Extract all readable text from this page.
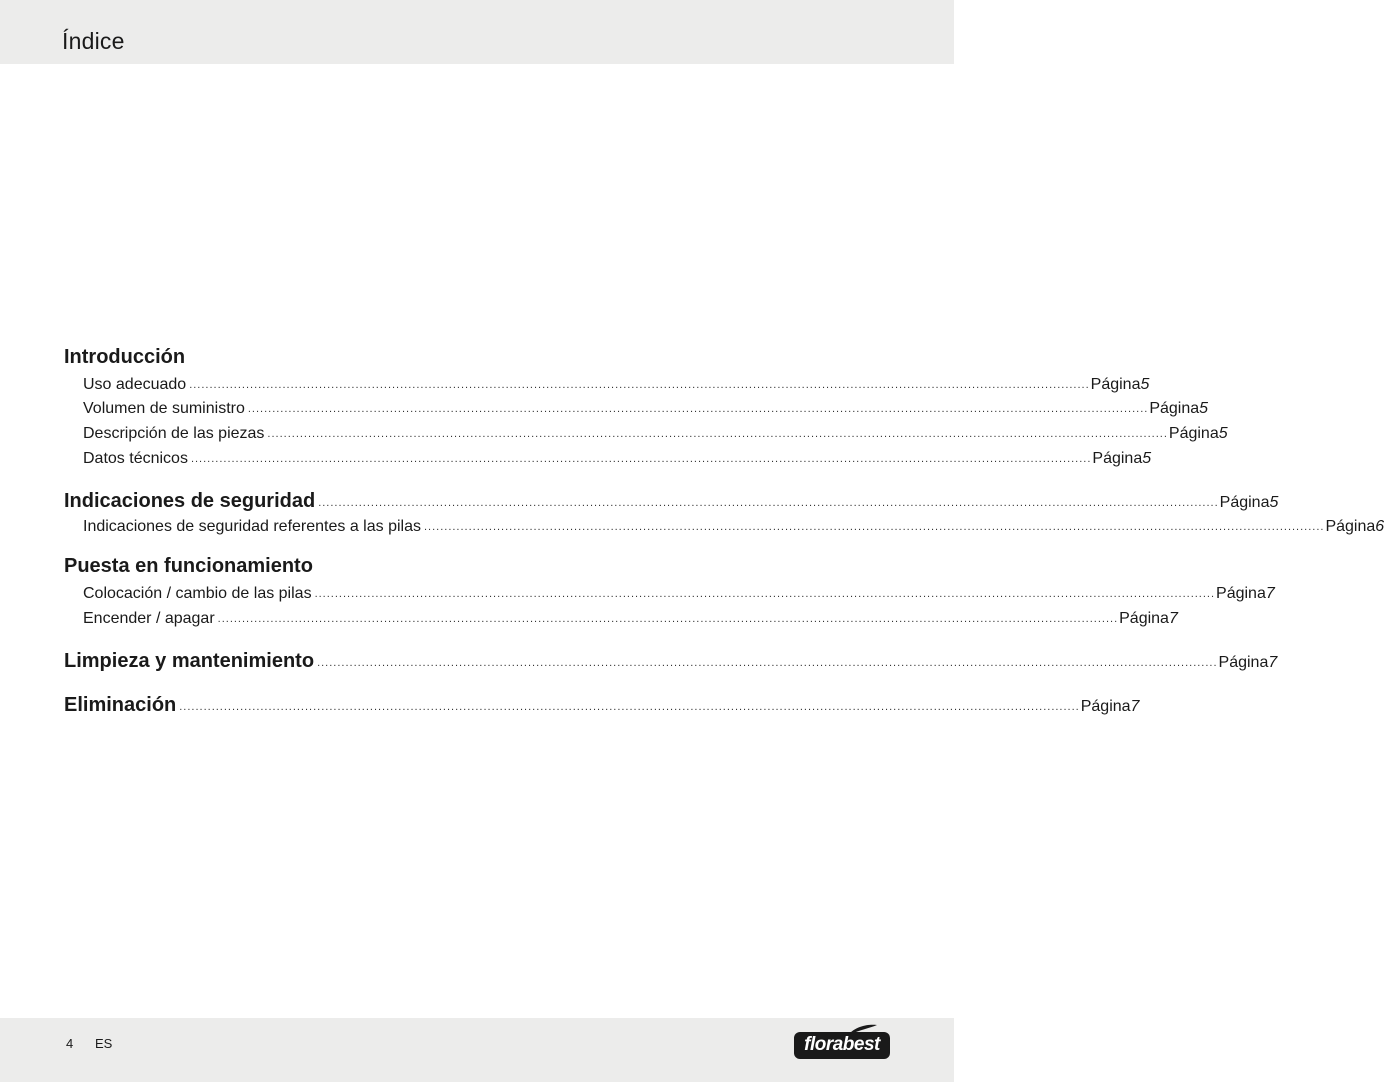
Índice
Introducción
Uso adecuado .............................................................................................................................................................................................................................. Página 5
Volumen de suministro .............................................................................................................................................................................................................................. Página 5
Descripción de las piezas .............................................................................................................................................................................................................................. Página 5
Datos técnicos .............................................................................................................................................................................................................................. Página 5
Indicaciones de seguridad .............................................................................................................................................................................................................................. Página 5
Indicaciones de seguridad referentes a las pilas .............................................................................................................................................................................................................................. Página 6
Puesta en funcionamiento
Colocación / cambio de las pilas .............................................................................................................................................................................................................................. Página 7
Encender / apagar .............................................................................................................................................................................................................................. Página 7
Limpieza y mantenimiento .............................................................................................................................................................................................................................. Página 7
Eliminación .............................................................................................................................................................................................................................. Página 7
4 ES	florabest
